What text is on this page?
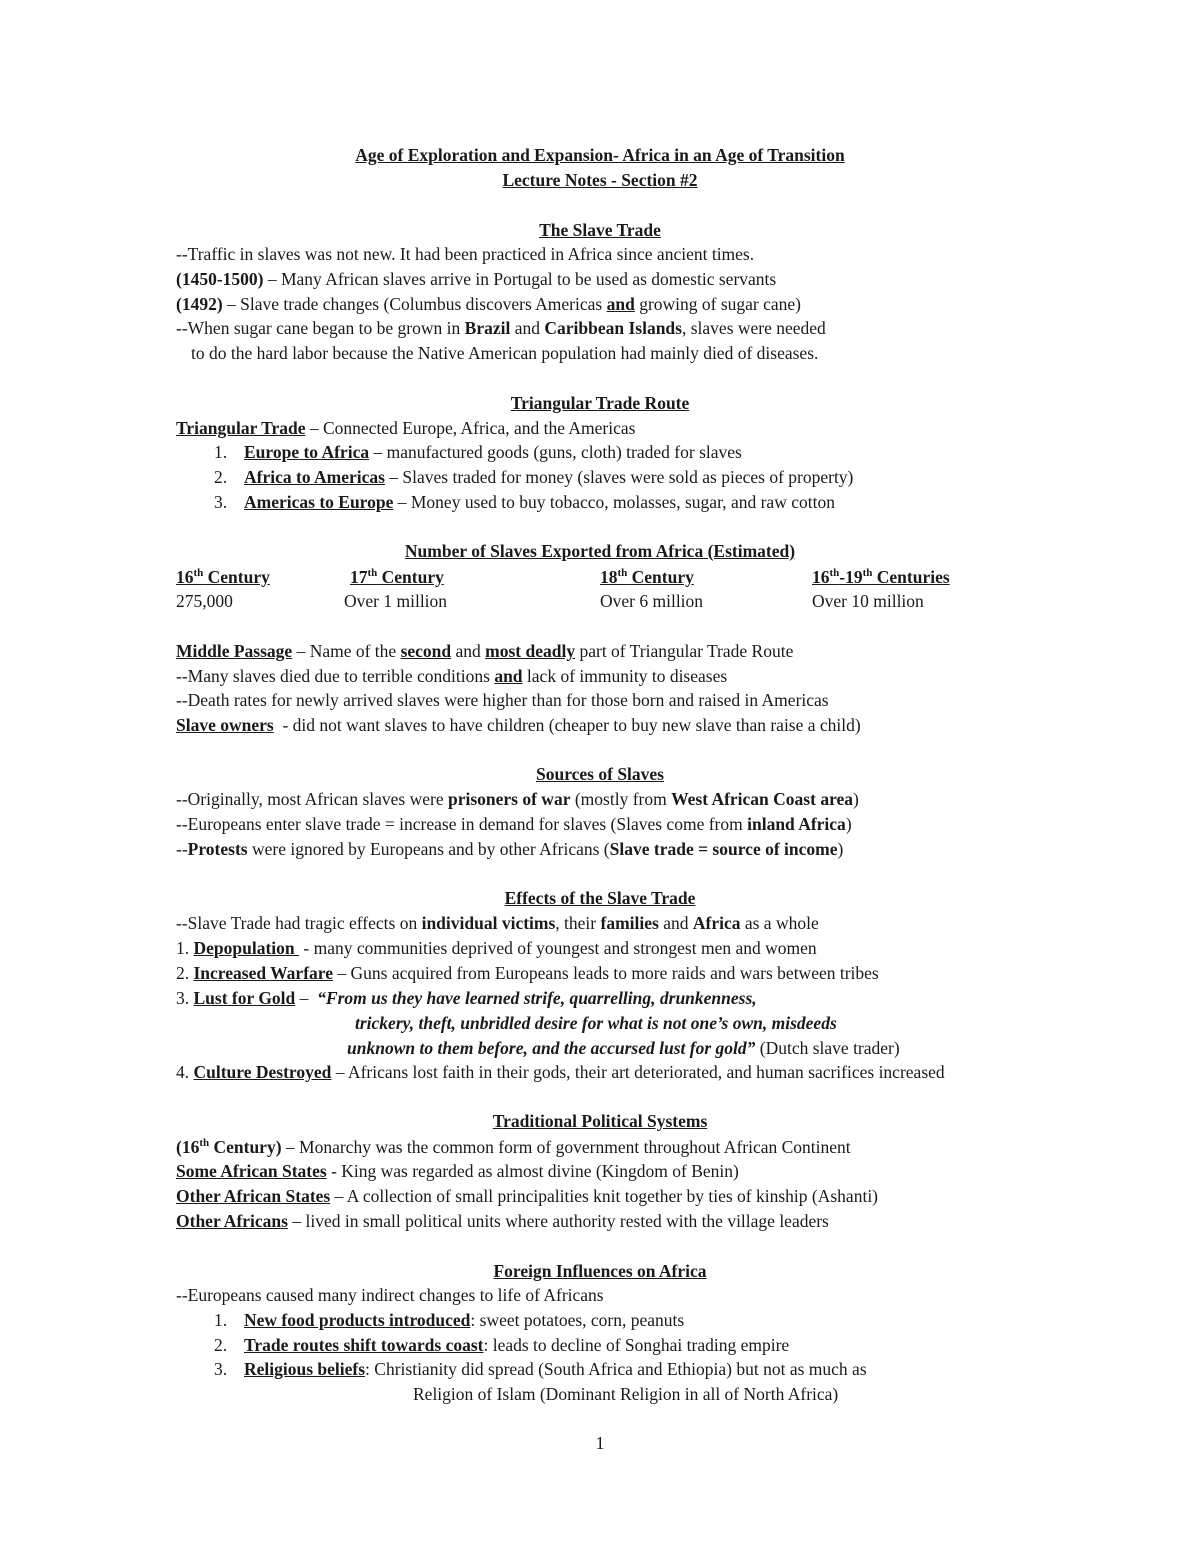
Age of Exploration and Expansion- Africa in an Age of Transition
Lecture Notes - Section #2
The Slave Trade
--Traffic in slaves was not new. It had been practiced in Africa since ancient times.
(1450-1500) – Many African slaves arrive in Portugal to be used as domestic servants
(1492) – Slave trade changes (Columbus discovers Americas and growing of sugar cane)
--When sugar cane began to be grown in Brazil and Caribbean Islands, slaves were needed
to do the hard labor because the Native American population had mainly died of diseases.
Triangular Trade Route
Triangular Trade – Connected Europe, Africa, and the Americas
1. Europe to Africa – manufactured goods (guns, cloth) traded for slaves
2. Africa to Americas – Slaves traded for money (slaves were sold as pieces of property)
3. Americas to Europe – Money used to buy tobacco, molasses, sugar, and raw cotton
Number of Slaves Exported from Africa (Estimated)
16th Century	17th Century	18th Century	16th-19th Centuries
275,000	Over 1 million	Over 6 million	Over 10 million
Middle Passage – Name of the second and most deadly part of Triangular Trade Route
--Many slaves died due to terrible conditions and lack of immunity to diseases
--Death rates for newly arrived slaves were higher than for those born and raised in Americas
Slave owners  - did not want slaves to have children (cheaper to buy new slave than raise a child)
Sources of Slaves
--Originally, most African slaves were prisoners of war (mostly from West African Coast area)
--Europeans enter slave trade = increase in demand for slaves (Slaves come from inland Africa)
--Protests were ignored by Europeans and by other Africans (Slave trade = source of income)
Effects of the Slave Trade
--Slave Trade had tragic effects on individual victims, their families and Africa as a whole
1. Depopulation  - many communities deprived of youngest and strongest men and women
2. Increased Warfare – Guns acquired from Europeans leads to more raids and wars between tribes
3. Lust for Gold –  “From us they have learned strife, quarrelling, drunkenness,
trickery, theft, unbridled desire for what is not one’s own, misdeeds
unknown to them before, and the accursed lust for gold” (Dutch slave trader)
4. Culture Destroyed – Africans lost faith in their gods, their art deteriorated, and human sacrifices increased
Traditional Political Systems
(16th Century) – Monarchy was the common form of government throughout African Continent
Some African States - King was regarded as almost divine (Kingdom of Benin)
Other African States – A collection of small principalities knit together by ties of kinship (Ashanti)
Other Africans – lived in small political units where authority rested with the village leaders
Foreign Influences on Africa
--Europeans caused many indirect changes to life of Africans
1. New food products introduced: sweet potatoes, corn, peanuts
2. Trade routes shift towards coast: leads to decline of Songhai trading empire
3. Religious beliefs: Christianity did spread (South Africa and Ethiopia) but not as much as
Religion of Islam (Dominant Religion in all of North Africa)
1
